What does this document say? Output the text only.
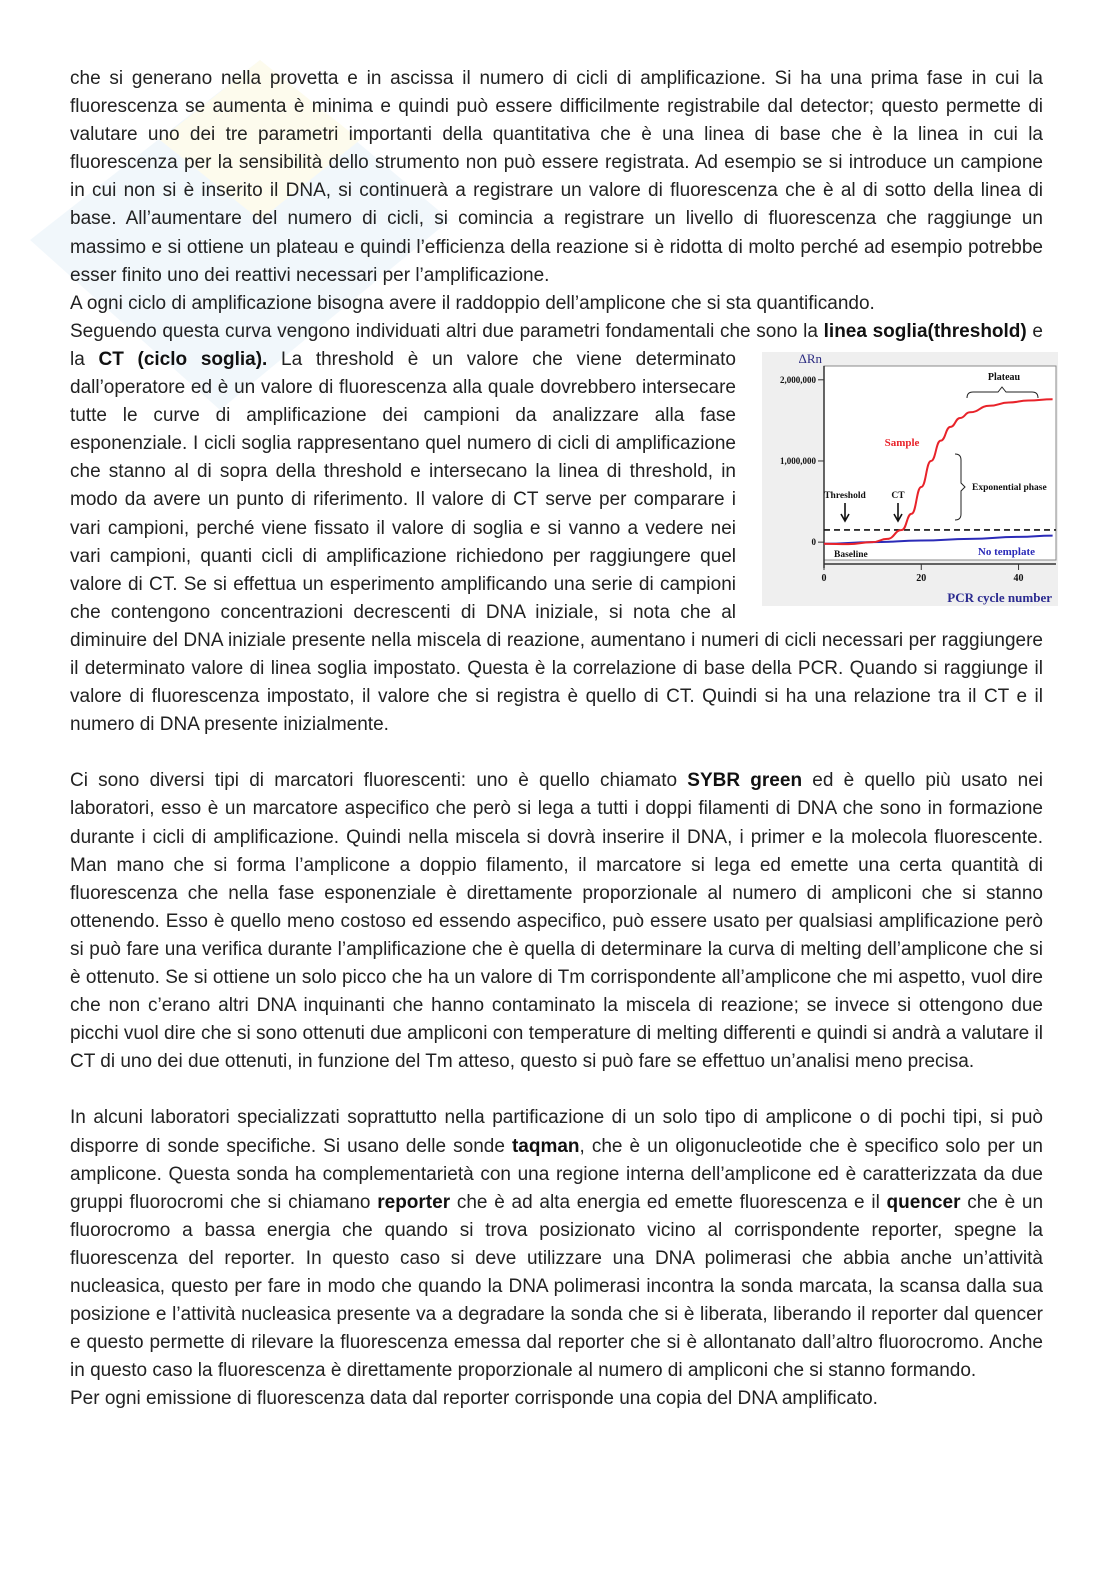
che si generano nella provetta e in ascissa il numero di cicli di amplificazione. Si ha una prima fase in cui la fluorescenza se aumenta è minima e quindi può essere difficilmente registrabile dal detector; questo permette di valutare uno dei tre parametri importanti della quantitativa che è una linea di base che è la linea in cui la fluorescenza per la sensibilità dello strumento non può essere registrata. Ad esempio se si introduce un campione in cui non si è inserito il DNA, si continuerà a registrare un valore di fluorescenza che è al di sotto della linea di base. All’aumentare del numero di cicli, si comincia a registrare un livello di fluorescenza che raggiunge un massimo e si ottiene un plateau e quindi l’efficienza della reazione si è ridotta di molto perché ad esempio potrebbe esser finito uno dei reattivi necessari per l’amplificazione.

A ogni ciclo di amplificazione bisogna avere il raddoppio dell’amplicone che si sta quantificando.

Seguendo questa curva vengono individuati altri due parametri fondamentali che sono la linea soglia
0
1,000,000
2,000,000
0	20	40
ΔRn
PCR cycle number
Plateau
Sample
Exponential phase
Threshold	CT
Baseline	No template
(threshold) e la CT (ciclo soglia). La threshold è un valore che viene determinato dall’operatore ed è un valore di fluorescenza alla quale dovrebbero intersecare tutte le curve di amplificazione dei campioni da analizzare alla fase esponenziale. I cicli soglia rappresentano quel numero di cicli di amplificazione che stanno al di sopra della threshold e intersecano la linea di threshold, in modo da avere un punto di riferimento. Il valore di CT serve per comparare i vari campioni, perché viene fissato il valore di soglia e si vanno a vedere nei vari campioni, quanti cicli di amplificazione richiedono per raggiungere quel valore di CT. Se si effettua un esperimento amplificando una serie di campioni che contengono concentrazioni decrescenti di DNA iniziale, si nota che al diminuire del DNA iniziale presente nella miscela di reazione, aumentano i numeri di cicli necessari per raggiungere il determinato valore di linea soglia impostato. Questa è la correlazione di base della PCR. Quando si raggiunge il valore di fluorescenza impostato, il valore che si registra è quello di CT. Quindi si ha una relazione tra il CT e il numero di DNA presente inizialmente.

Ci sono diversi tipi di marcatori fluorescenti: uno è quello chiamato SYBR green ed è quello più usato nei laboratori, esso è un marcatore aspecifico che però si lega a tutti i doppi filamenti di DNA che sono in formazione durante i cicli di amplificazione. Quindi nella miscela si dovrà inserire il DNA, i primer e la molecola fluorescente. Man mano che si forma l’amplicone a doppio filamento, il marcatore si lega ed emette una certa quantità di fluorescenza che nella fase esponenziale è direttamente proporzionale al numero di ampliconi che si stanno ottenendo. Esso è quello meno costoso ed essendo aspecifico, può essere usato per qualsiasi amplificazione però si può fare una verifica durante l’amplificazione che è quella di determinare la curva di melting dell’amplicone che si è ottenuto. Se si ottiene un solo picco che ha un valore di Tm corrispondente all’amplicone che mi aspetto, vuol dire che non c’erano altri DNA inquinanti che hanno contaminato la miscela di reazione; se invece si ottengono due picchi vuol dire che si sono ottenuti due ampliconi con temperature di melting differenti e quindi si andrà a valutare il CT di uno dei due ottenuti, in funzione del Tm atteso, questo si può fare se effettuo un’analisi meno precisa.

In alcuni laboratori specializzati soprattutto nella partificazione di un solo tipo di amplicone o di pochi tipi, si può disporre di sonde specifiche. Si usano delle sonde taqman, che è un oligonucleotide che è specifico solo per un amplicone. Questa sonda ha complementarietà con una regione interna dell’amplicone ed è caratterizzata da due gruppi fluorocromi che si chiamano reporter che è ad alta energia ed emette fluorescenza e il quencer che è un fluorocromo a bassa energia che quando si trova posizionato vicino al corrispondente reporter, spegne la fluorescenza del reporter. In questo caso si deve utilizzare una DNA polimerasi che abbia anche un’attività nucleasica, questo per fare in modo che quando la DNA polimerasi incontra la sonda marcata, la scansa dalla sua posizione e l’attività nucleasica presente va a degradare la sonda che si è liberata, liberando il reporter dal quencer e questo permette di rilevare la fluorescenza emessa dal reporter che si è allontanato dall’altro fluorocromo. Anche in questo caso la fluorescenza è direttamente proporzionale al numero di ampliconi che si stanno formando.

Per ogni emissione di fluorescenza data dal reporter corrisponde una copia del DNA amplificato.
